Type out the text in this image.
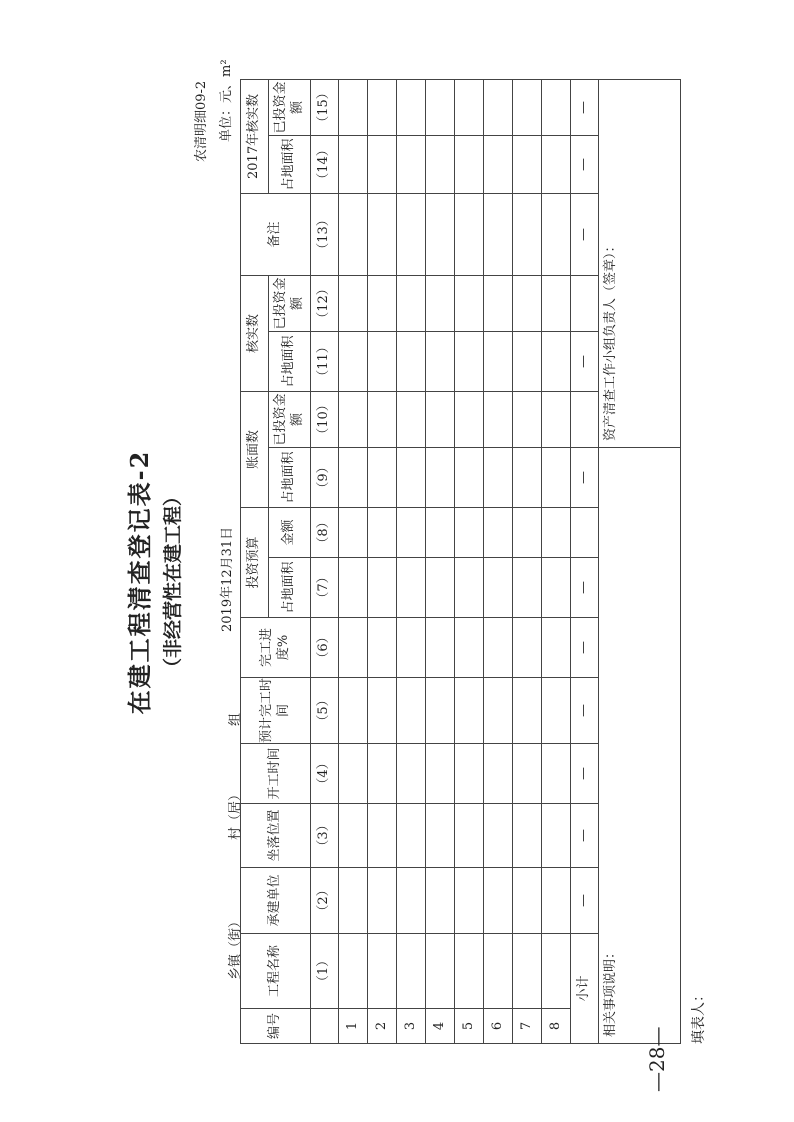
在建工程清查登记表-2 （非经营性在建工程）	2019年12月31日
农清明细09-2 单位：元、m²
乡镇（街）
村（居）
组
编号	工程名称	承建单位	坐落位置	开工时间	预计完工时间	完工进度%	投资预算		账面数		核实数		备注	2017年核实数	
							占地面积	金额	占地面积	已投资金额	占地面积	已投资金额		占地面积	已投资金额
	（1）	（2）	（3）	（4）	（5）	（6）	（7）	（8）	（9）	（10）	（11）	（12）	（13）	（14）	（15）
1															
2															
3															
4															
5															
6															
7															
8															
小计		—	—	—	—	—	—		—		—		—	—	—
相关事项说明：										资产清查工作小组负责人（签章）：					
填表人：
—28—
